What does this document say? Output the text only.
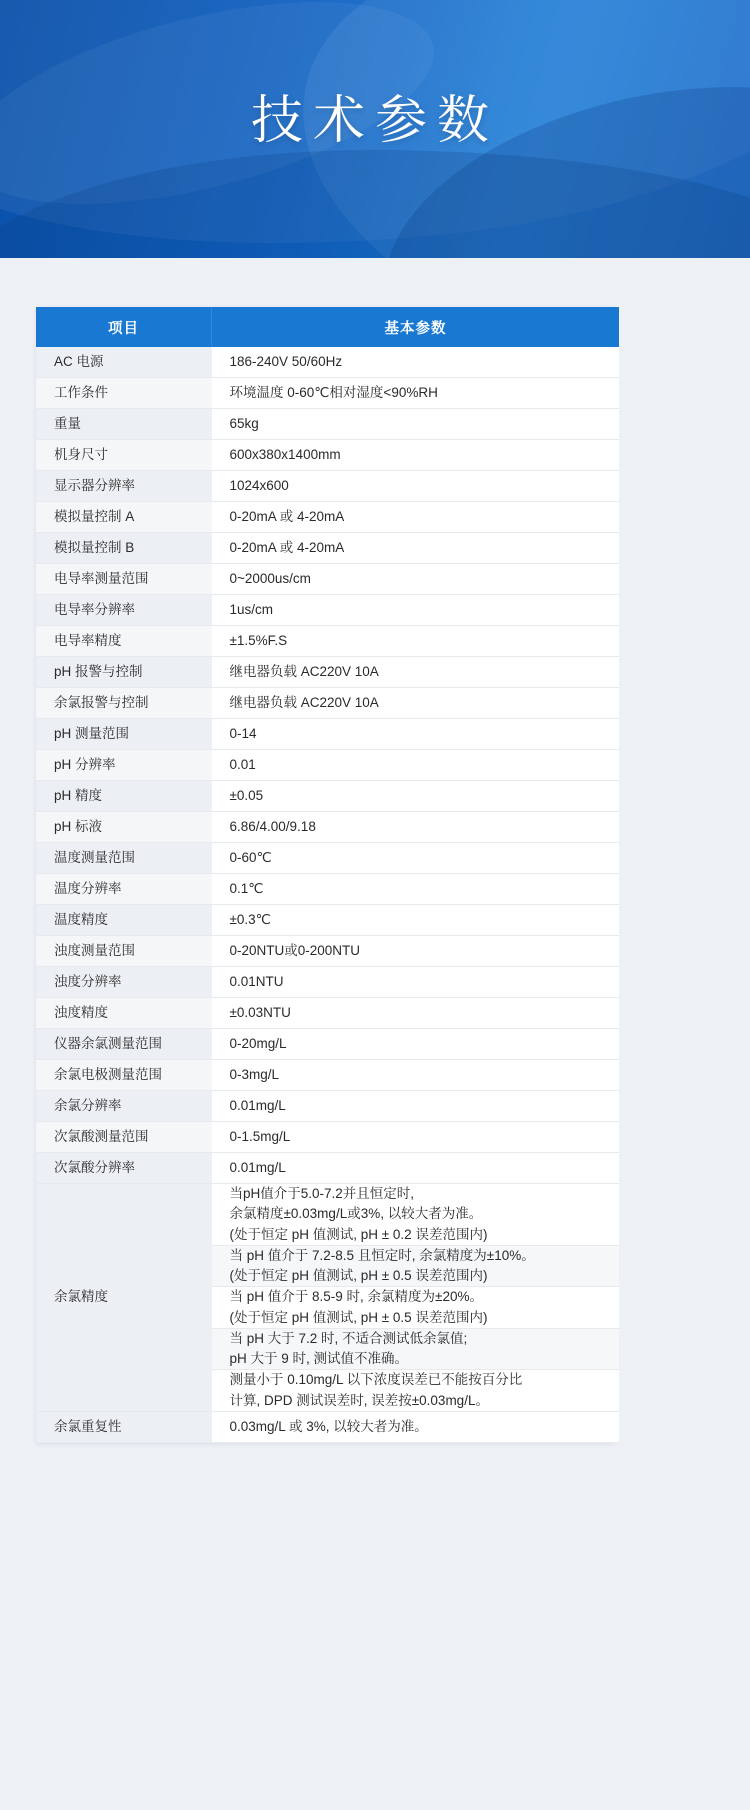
技术参数
项目	基本参数
AC 电源	186-240V 50/60Hz
工作条件	环境温度 0-60℃相对湿度<90%RH
重量	65kg
机身尺寸	600x380x1400mm
显示器分辨率	1024x600
模拟量控制 A	0-20mA 或 4-20mA
模拟量控制 B	0-20mA 或 4-20mA
电导率测量范围	0~2000us/cm
电导率分辨率	1us/cm
电导率精度	±1.5%F.S
pH 报警与控制	继电器负载 AC220V 10A
余氯报警与控制	继电器负载 AC220V 10A
pH 测量范围	0-14
pH 分辨率	0.01
pH 精度	±0.05
pH 标液	6.86/4.00/9.18
温度测量范围	0-60℃
温度分辨率	0.1℃
温度精度	±0.3℃
浊度测量范围	0-20NTU或0-200NTU
浊度分辨率	0.01NTU
浊度精度	±0.03NTU
仪器余氯测量范围	0-20mg/L
余氯电极测量范围	0-3mg/L
余氯分辨率	0.01mg/L
次氯酸测量范围	0-1.5mg/L
次氯酸分辨率	0.01mg/L
余氯精度	当pH值介于5.0-7.2并且恒定时,

余氯精度±0.03mg/L或3%, 以较大者为准。

(处于恒定 pH 值测试, pH ± 0.2 误差范围内)

	当 pH 值介于 7.2-8.5 且恒定时, 余氯精度为±10%。

(处于恒定 pH 值测试, pH ± 0.5 误差范围内)

	当 pH 值介于 8.5-9 时, 余氯精度为±20%。

(处于恒定 pH 值测试, pH ± 0.5 误差范围内)

	当 pH 大于 7.2 时, 不适合测试低余氯值;

pH 大于 9 时, 测试值不准确。

	测量小于 0.10mg/L 以下浓度误差已不能按百分比

计算, DPD 测试误差时, 误差按±0.03mg/L。

余氯重复性	0.03mg/L 或 3%, 以较大者为准。
